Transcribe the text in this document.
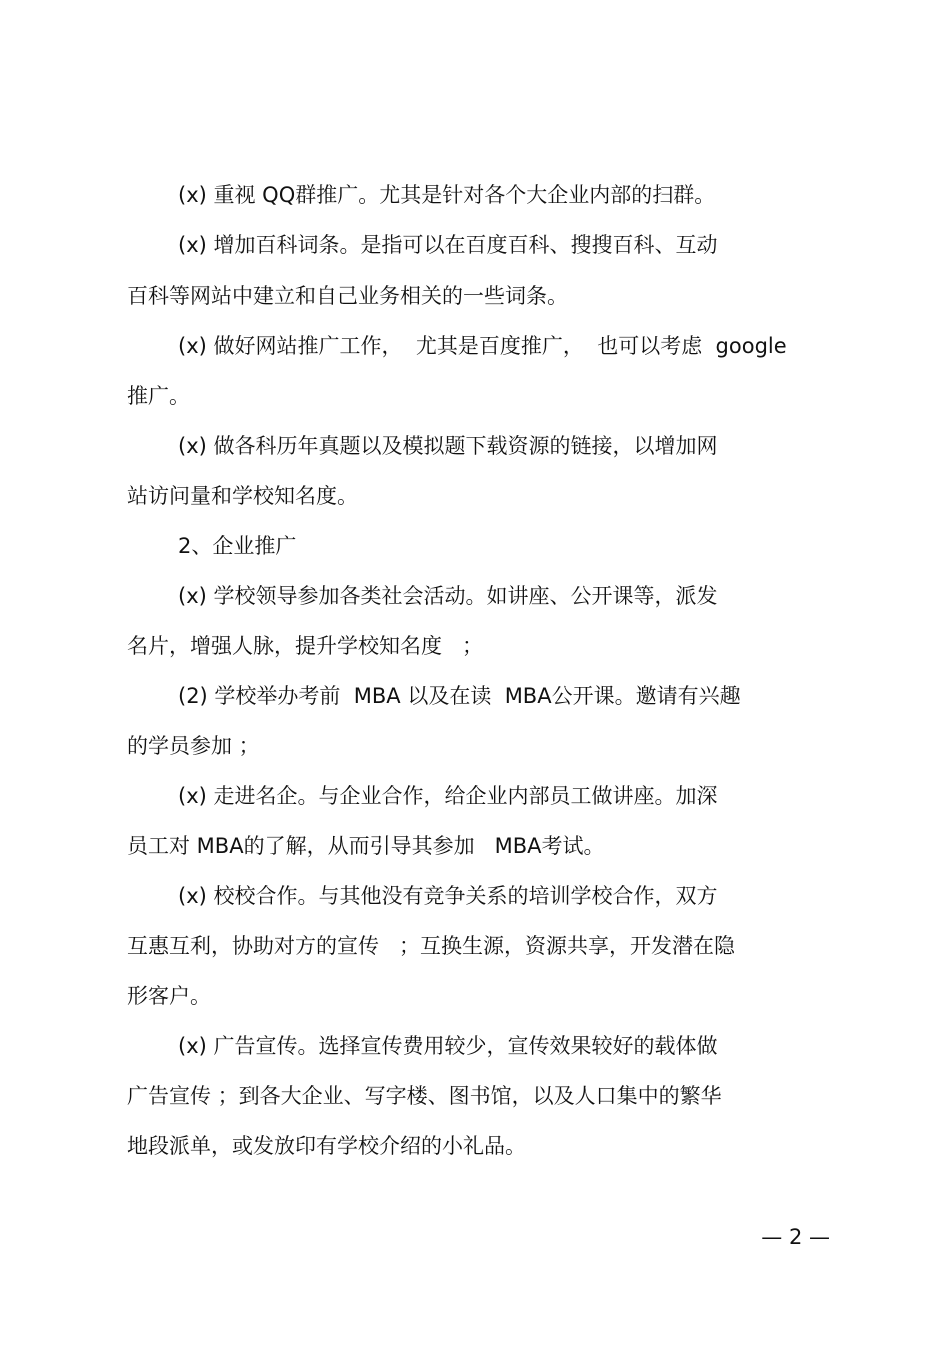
(x) 重视 QQ群推广。尤其是针对各个大企业内部的扫群。
(x) 增加百科词条。是指可以在百度百科、搜搜百科、互动
百科等网站中建立和自己业务相关的一些词条。
(x) 做好网站推广工作，  尤其是百度推广，  也可以考虑  google
推广。
(x) 做各科历年真题以及模拟题下载资源的链接，以增加网
站访问量和学校知名度。
2、企业推广
(x) 学校领导参加各类社会活动。如讲座、公开课等，派发
名片，增强人脉，提升学校知名度   ；
(2) 学校举办考前  MBA 以及在读  MBA公开课。邀请有兴趣
的学员参加 ；
(x) 走进名企。与企业合作，给企业内部员工做讲座。加深
员工对 MBA的了解，从而引导其参加   MBA考试。
(x) 校校合作。与其他没有竞争关系的培训学校合作，双方
互惠互利，协助对方的宣传   ；互换生源，资源共享，开发潜在隐
形客户。
(x) 广告宣传。选择宣传费用较少，宣传效果较好的载体做
广告宣传 ；到各大企业、写字楼、图书馆，以及人口集中的繁华
地段派单，或发放印有学校介绍的小礼品。
— 2 —
